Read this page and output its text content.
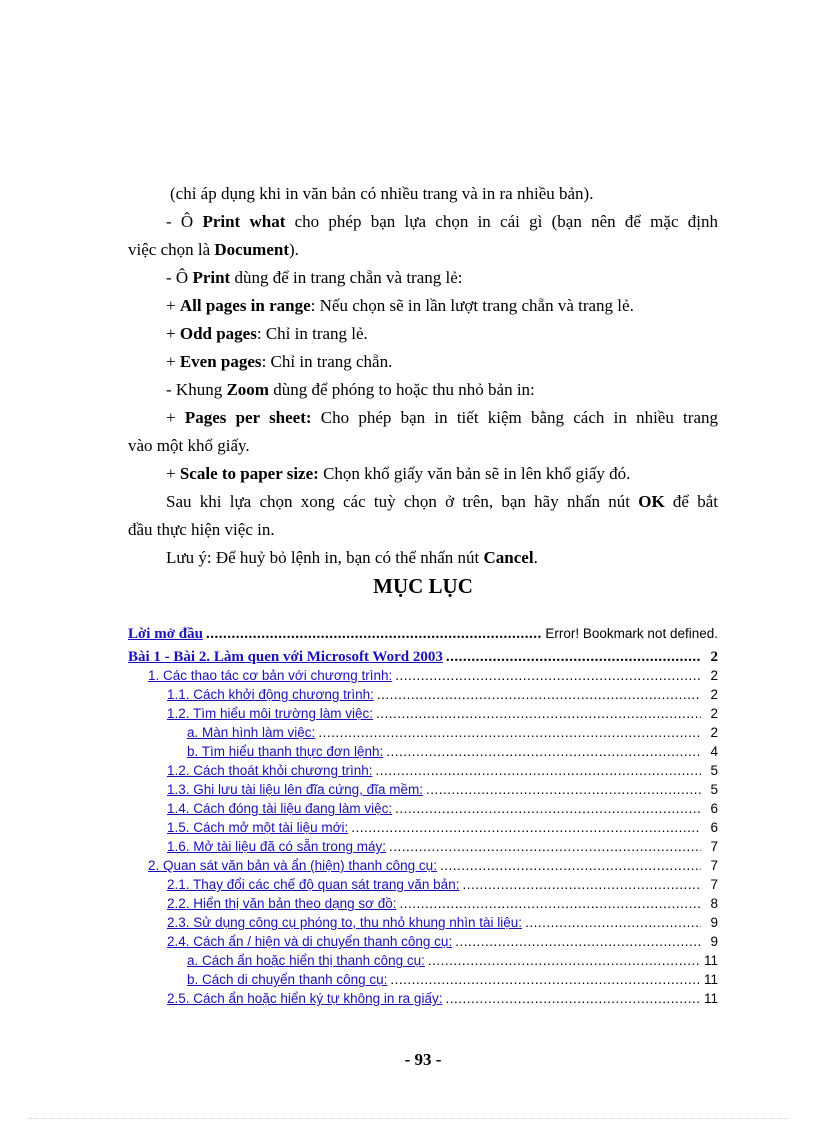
(chỉ áp dụng khi in văn bản có nhiều trang và in ra nhiều bản).
- Ô Print what cho phép bạn lựa chọn in cái gì (bạn nên để mặc định
việc chọn là Document).
- Ô Print dùng để in trang chẵn và trang lẻ:
+ All pages in range: Nếu chọn sẽ in lần lượt trang chẵn và trang lẻ.
+ Odd pages: Chỉ in trang lẻ.
+ Even pages: Chỉ in trang chẵn.
- Khung Zoom dùng để phóng to hoặc thu nhỏ bản in:
+ Pages per sheet: Cho phép bạn in tiết kiệm bằng cách in nhiều trang
vào một khổ giấy.
+ Scale to paper size: Chọn khổ giấy văn bản sẽ in lên khổ giấy đó.
Sau khi lựa chọn xong các tuỳ chọn ở trên, bạn hãy nhấn nút OK để bắt
đầu thực hiện việc in.
Lưu ý: Để huỷ bỏ lệnh in, bạn có thể nhấn nút Cancel.
MỤC LỤC
Lời mở đầu .....	Error! Bookmark not defined.
Bài 1 - Bài 2. Làm quen với Microsoft Word 2003 .....	2
1. Các thao tác cơ bản với chương trình: .....	2
1.1. Cách khởi động chương trình: .....	2
1.2. Tìm hiểu môi trường làm việc: .....	2
a. Màn hình làm việc: .....	2
b. Tìm hiểu thanh thực đơn lệnh: .....	4
1.2. Cách thoát khỏi chương trình: .....	5
1.3. Ghi lưu tài liệu lên đĩa cứng, đĩa mềm: .....	5
1.4. Cách đóng tài liệu đang làm việc: .....	6
1.5. Cách mở một tài liệu mới: .....	6
1.6. Mở tài liệu đã có sẵn trong máy: .....	7
2. Quan sát văn bản và ẩn (hiện) thanh công cụ: .....	7
2.1. Thay đổi các chế độ quan sát trang văn bản: .....	7
2.2. Hiển thị văn bản theo dạng sơ đồ: .....	8
2.3. Sử dụng công cụ phóng to, thu nhỏ khung nhìn tài liệu: .....	9
2.4. Cách ẩn / hiện và di chuyển thanh công cụ: .....	9
a. Cách ẩn hoặc hiển thị thanh công cụ: .....	11
b. Cách di chuyển thanh công cụ: .....	11
2.5. Cách ẩn hoặc hiển ký tự không in ra giấy: .....	11
- 93 -
